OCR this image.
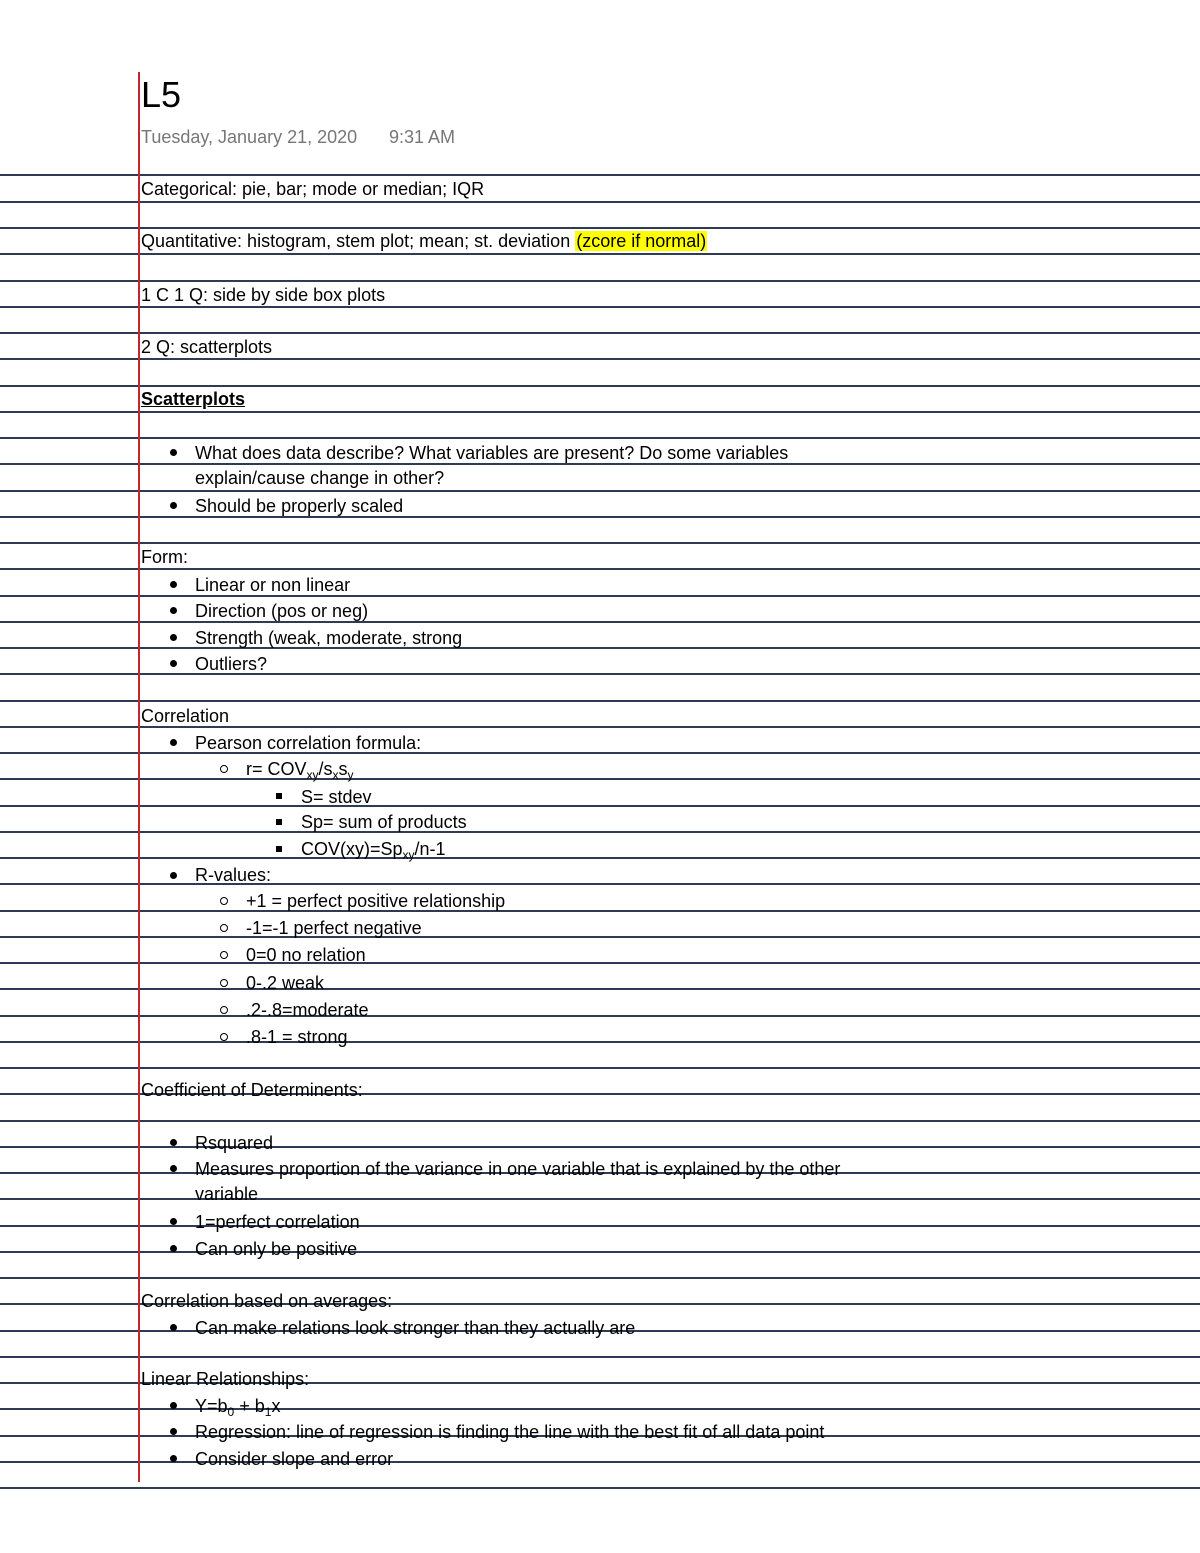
L5
Tuesday, January 21, 2020 9:31 AM
Categorical: pie, bar; mode or median; IQR
Quantitative: histogram, stem plot; mean; st. deviation (zcore if normal)
1 C 1 Q: side by side box plots
2 Q: scatterplots
Scatterplots
What does data describe? What variables are present? Do some variables
explain/cause change in other?
Should be properly scaled
Form:
Linear or non linear
Direction (pos or neg)
Strength (weak, moderate, strong
Outliers?
Correlation
Pearson correlation formula:
$r= COV_{xy}/s_xs_y$
S= stdev
Sp= sum of products
$COV(xy)=Sp_{xy}/n-1$
R-values:
+1 = perfect positive relationship
-1=-1 perfect negative
0=0 no relation
0-.2 weak
.2-.8=moderate
.8-1 = strong
Coefficient of Determinents:
Rsquared
Measures proportion of the variance in one variable that is explained by the other
variable
1=perfect correlation
Can only be positive
Correlation based on averages:
Can make relations look stronger than they actually are
Linear Relationships:
$Y=b_0 + b_1x$
Regression: line of regression is finding the line with the best fit of all data point
Consider slope and error
